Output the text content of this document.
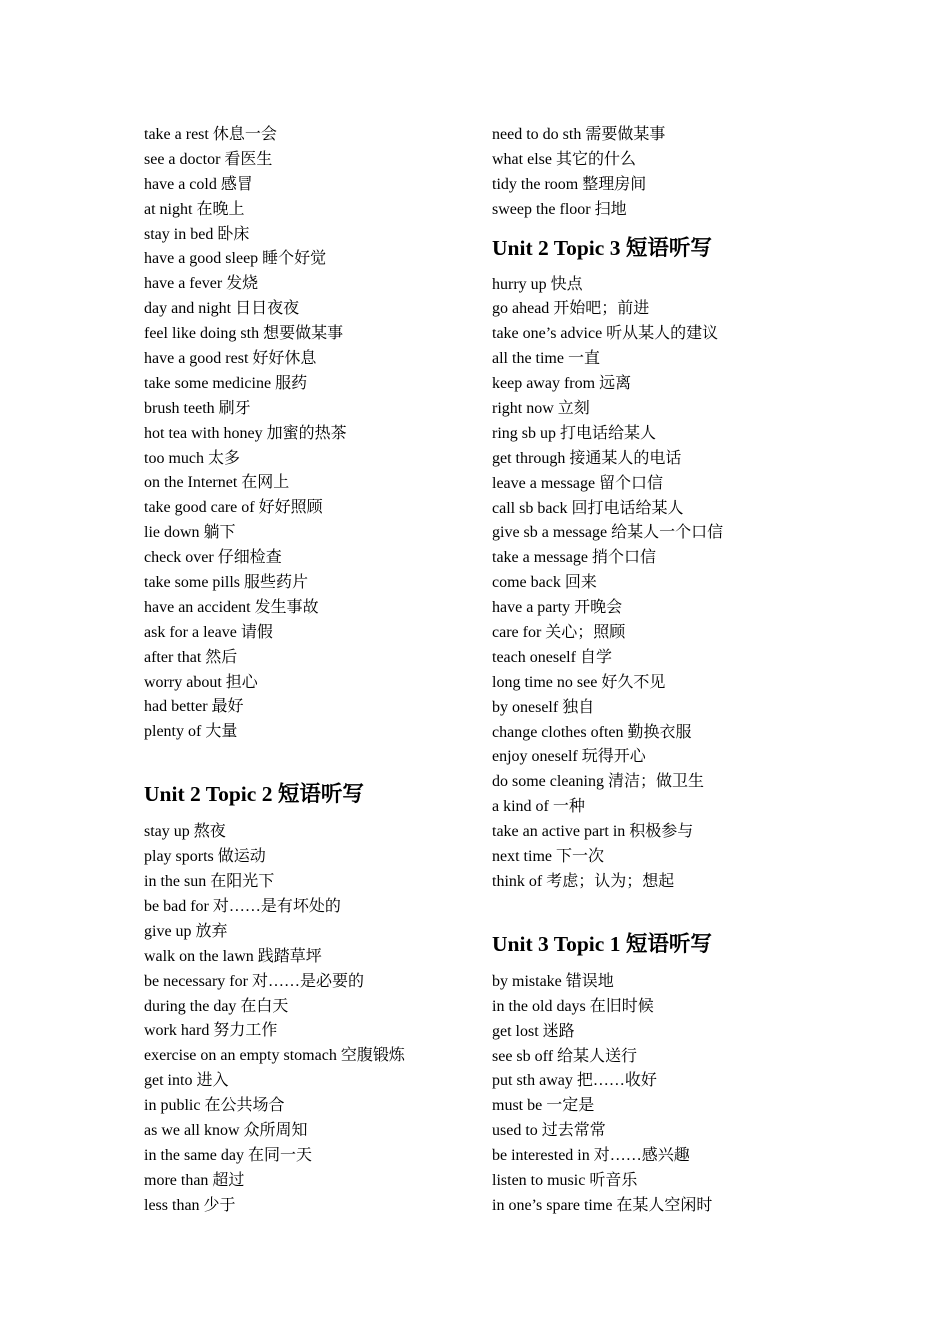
take a rest 休息一会
see a doctor 看医生
have a cold 感冒
at night 在晚上
stay in bed 卧床
have a good sleep 睡个好觉
have a fever 发烧
day and night 日日夜夜
feel like doing sth 想要做某事
have a good rest 好好休息
take some medicine 服药
brush teeth 刷牙
hot tea with honey 加蜜的热茶
too much 太多
on the Internet 在网上
take good care of 好好照顾
lie down 躺下
check over 仔细检查
take some pills 服些药片
have an accident 发生事故
ask for a leave 请假
after that 然后
worry about 担心
had better 最好
plenty of 大量
Unit 2 Topic 2 短语听写
stay up 熬夜
play sports 做运动
in the sun 在阳光下
be bad for 对……是有坏处的
give up 放弃
walk on the lawn 践踏草坪
be necessary for 对……是必要的
during the day 在白天
work hard 努力工作
exercise on an empty stomach 空腹锻炼
get into 进入
in public 在公共场合
as we all know 众所周知
in the same day 在同一天
more than 超过
less than 少于
need to do sth 需要做某事
what else 其它的什么
tidy the room 整理房间
sweep the floor 扫地
Unit 2 Topic 3 短语听写
hurry up 快点
go ahead 开始吧；前进
take one’s advice 听从某人的建议
all the time 一直
keep away from 远离
right now 立刻
ring sb up 打电话给某人
get through 接通某人的电话
leave a message 留个口信
call sb back 回打电话给某人
give sb a message 给某人一个口信
take a message 捎个口信
come back 回来
have a party 开晚会
care for 关心；照顾
teach oneself 自学
long time no see 好久不见
by oneself 独自
change clothes often 勤换衣服
enjoy oneself 玩得开心
do some cleaning 清洁；做卫生
a kind of 一种
take an active part in 积极参与
next time 下一次
think of 考虑；认为；想起
Unit 3 Topic 1 短语听写
by mistake 错误地
in the old days 在旧时候
get lost 迷路
see sb off 给某人送行
put sth away 把……收好
must be 一定是
used to 过去常常
be interested in 对……感兴趣
listen to music 听音乐
in one’s spare time 在某人空闲时
